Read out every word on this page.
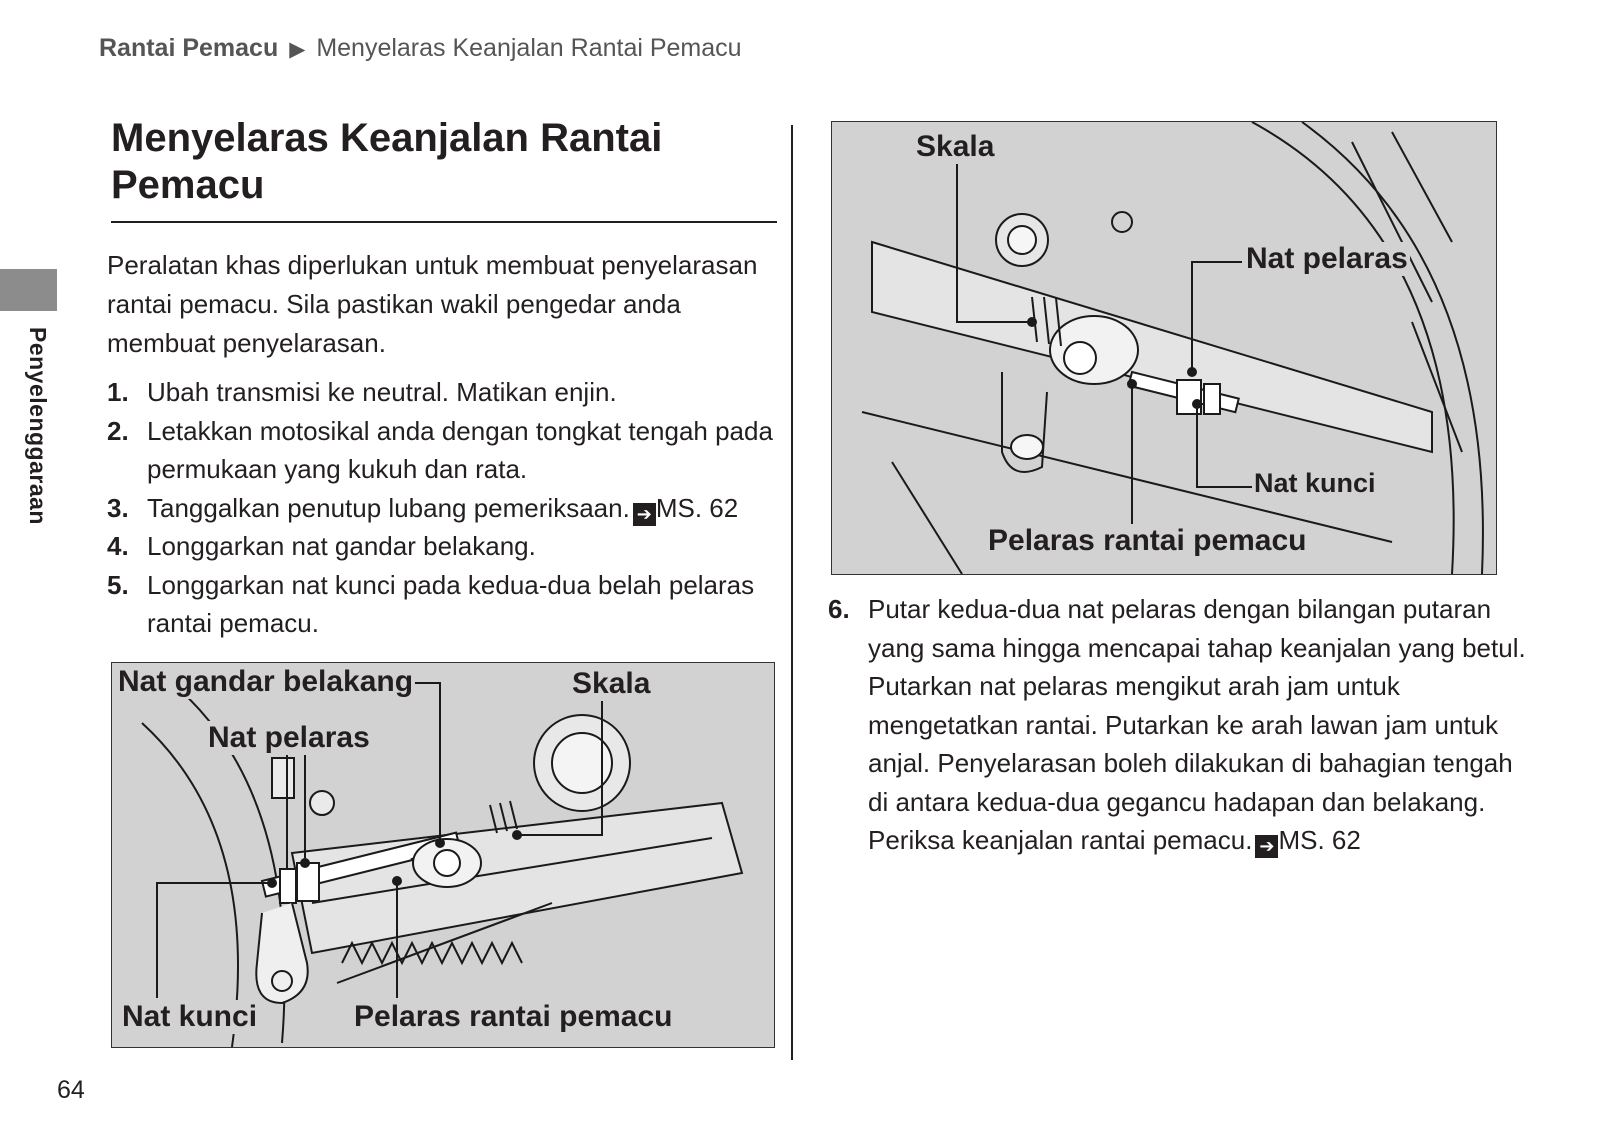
Rantai Pemacu ▶ Menyelaras Keanjalan Rantai Pemacu
Penyelenggaraan
Menyelaras Keanjalan Rantai Pemacu

Peralatan khas diperlukan untuk membuat penyelarasan rantai pemacu. Sila pastikan wakil pengedar anda membuat penyelarasan.

1. Ubah transmisi ke neutral. Matikan enjin.
2. Letakkan motosikal anda dengan tongkat tengah pada permukaan yang kukuh dan rata.
3. Tanggalkan penutup lubang pemeriksaan. ➔ MS. 62
4. Longgarkan nat gandar belakang.
5. Longgarkan nat kunci pada kedua-dua belah pelaras rantai pemacu.
Nat gandar belakang	Skala
Nat pelaras
Nat kunci	Pelaras rantai pemacu
Skala
Nat pelaras
Nat kunci
Pelaras rantai pemacu
6. Putar kedua-dua nat pelaras dengan bilangan putaran yang sama hingga mencapai tahap keanjalan yang betul. Putarkan nat pelaras mengikut arah jam untuk mengetatkan rantai. Putarkan ke arah lawan jam untuk anjal. Penyelarasan boleh dilakukan di bahagian tengah di antara kedua-dua gegancu hadapan dan belakang.
Periksa keanjalan rantai pemacu. ➔ MS. 62
64
